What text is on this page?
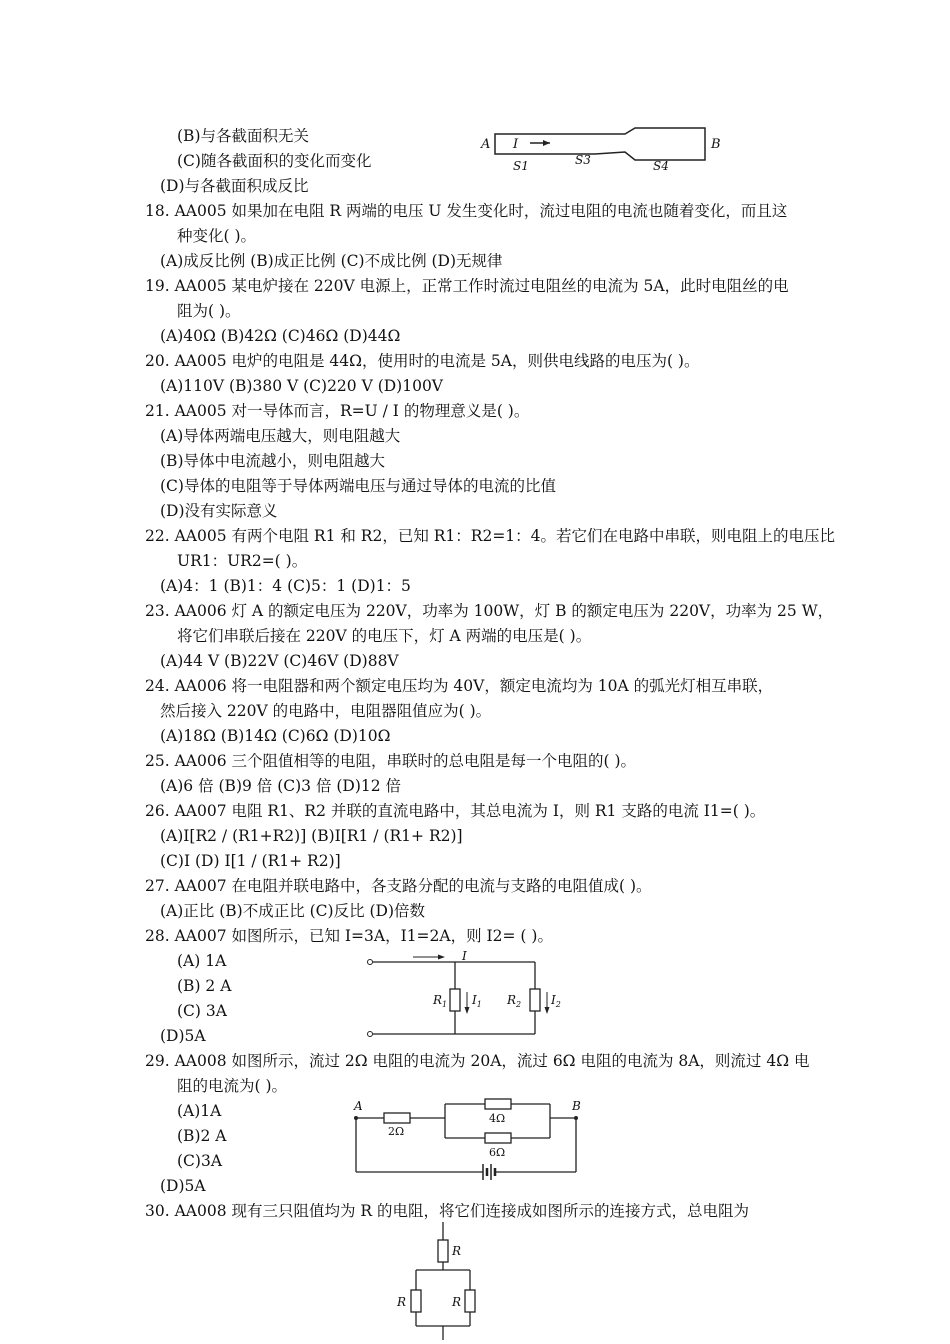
(B)与各截面积无关
(C)随各截面积的变化而变化
(D)与各截面积成反比
18. AA005 如果加在电阻 R 两端的电压 U 发生变化时，流过电阻的电流也随着变化，而且这
种变化( )。
(A)成反比例 (B)成正比例 (C)不成比例 (D)无规律
19. AA005 某电炉接在 220V 电源上，正常工作时流过电阻丝的电流为 5A，此时电阻丝的电
阻为( )。
(A)40Ω (B)42Ω (C)46Ω (D)44Ω
20. AA005 电炉的电阻是 44Ω，使用时的电流是 5A，则供电线路的电压为( )。
(A)110V (B)380 V (C)220 V (D)100V
21. AA005 对一导体而言，R=U / I 的物理意义是( )。
(A)导体两端电压越大，则电阻越大
(B)导体中电流越小，则电阻越大
(C)导体的电阻等于导体两端电压与通过导体的电流的比值
(D)没有实际意义
22. AA005 有两个电阻 R1 和 R2，已知 R1：R2=1：4。若它们在电路中串联，则电阻上的电压比
UR1：UR2=( )。
(A)4：1 (B)1：4 (C)5：1 (D)1：5
23. AA006 灯 A 的额定电压为 220V，功率为 100W，灯 B 的额定电压为 220V，功率为 25 W，
将它们串联后接在 220V 的电压下，灯 A 两端的电压是( )。
(A)44 V (B)22V (C)46V (D)88V
24. AA006 将一电阻器和两个额定电压均为 40V，额定电流均为 10A 的弧光灯相互串联，
然后接入 220V 的电路中，电阻器阻值应为( )。
(A)18Ω (B)14Ω (C)6Ω (D)10Ω
25. AA006 三个阻值相等的电阻，串联时的总电阻是每一个电阻的( )。
(A)6 倍 (B)9 倍 (C)3 倍 (D)12 倍
26. AA007 电阻 R1、R2 并联的直流电路中，其总电流为 I，则 R1 支路的电流 I1=( )。
(A)I[R2 / (R1+R2)] (B)I[R1 / (R1+ R2)]
(C)I (D) I[1 / (R1+ R2)]
27. AA007 在电阻并联电路中，各支路分配的电流与支路的电阻值成( )。
(A)正比 (B)不成正比 (C)反比 (D)倍数
28. AA007 如图所示，已知 I=3A，I1=2A，则 I2= ( )。
(A) 1A
(B) 2 A
(C) 3A
(D)5A
29. AA008 如图所示，流过 2Ω 电阻的电流为 20A，流过 6Ω 电阻的电流为 8A，则流过 4Ω 电
阻的电流为( )。
(A)1A
(B)2 A
(C)3A
(D)5A
30. AA008 现有三只阻值均为 R 的电阻，将它们连接成如图所示的连接方式，总电阻为
A	B
I
S1	S3	S4
I
$R_1$ $I_1$ $R_2$ $I_2$
A	B
2Ω
4Ω
6Ω
R
R	R
